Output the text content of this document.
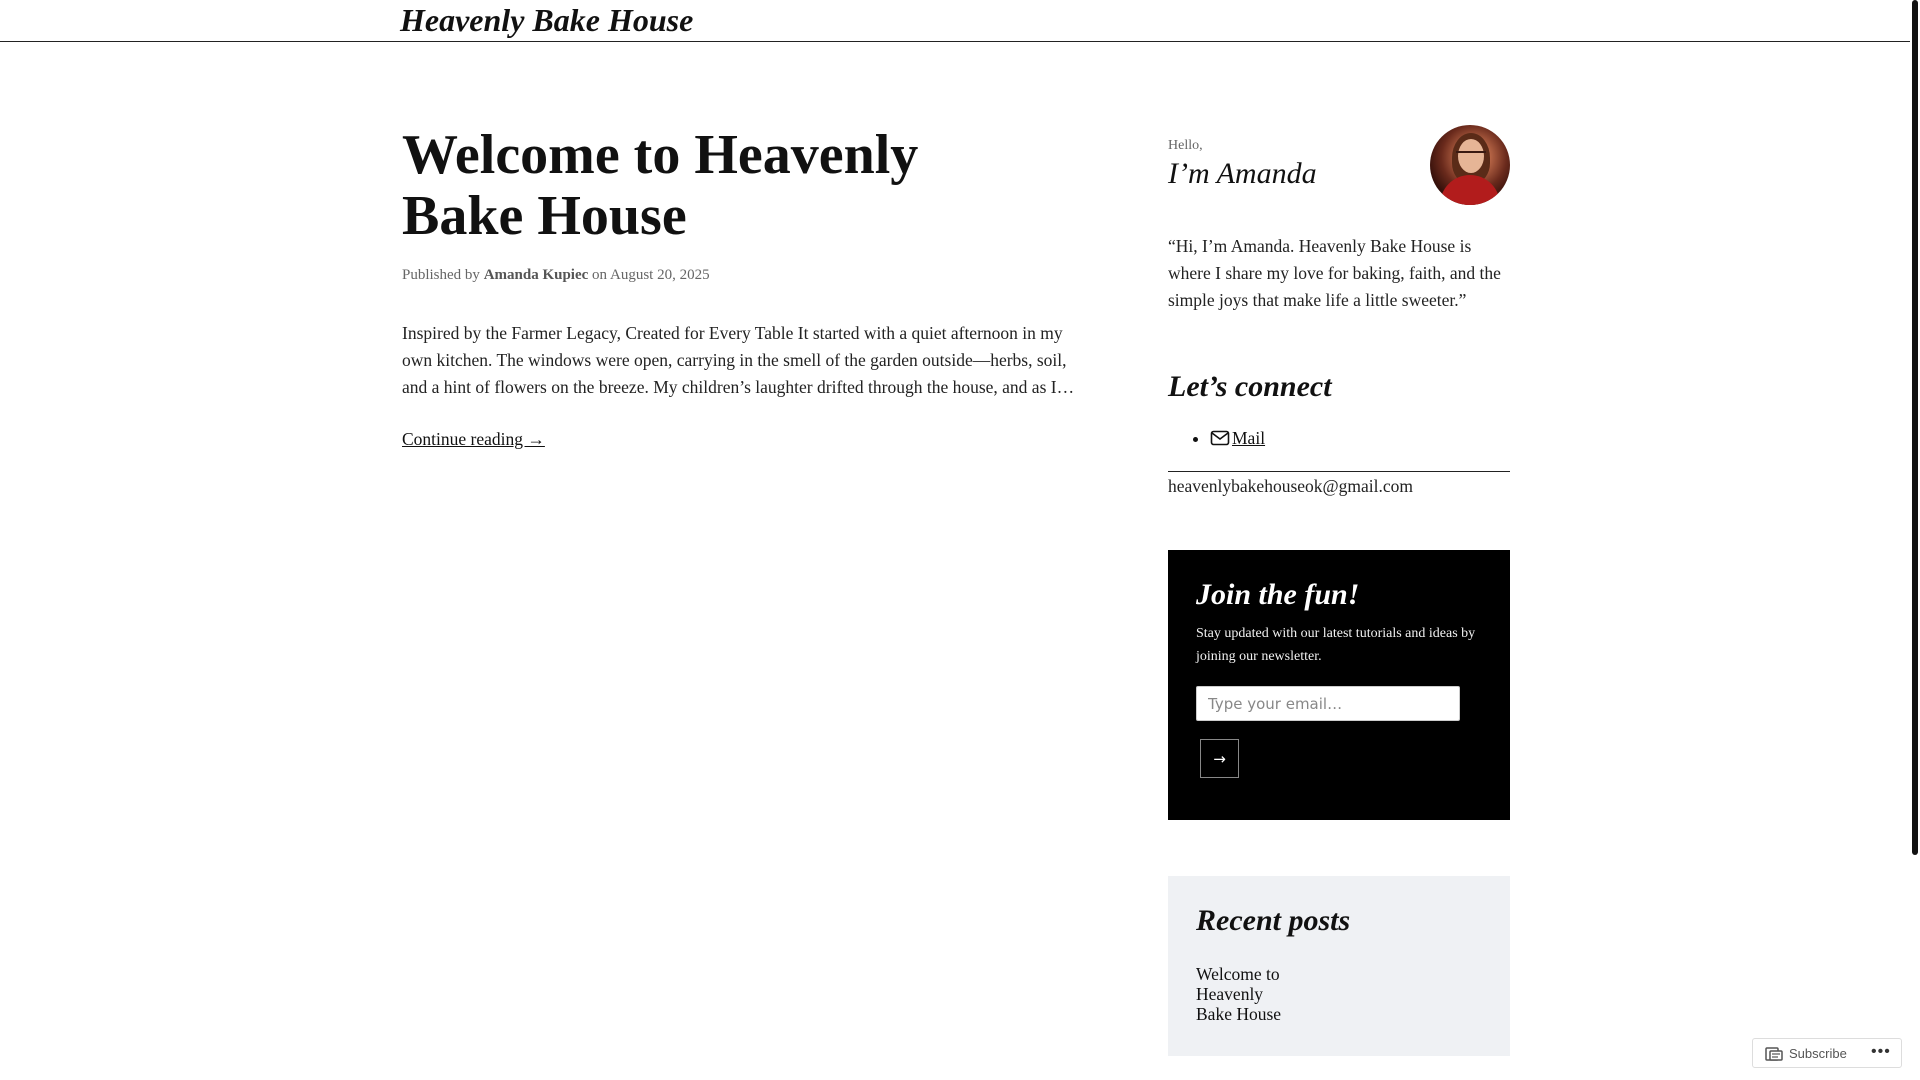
Heavenly Bake House
Welcome to Heavenly Bake House
Published by Amanda Kupiec on August 20, 2025

Inspired by the Farmer Legacy, Created for Every Table It started with a quiet afternoon in my own kitchen. The windows were open, carrying in the smell of the garden outside—herbs, soil, and a hint of flowers on the breeze. My children’s laughter drifted through the house, and as I…

Continue reading →
Hello,
I’m Amanda

“Hi, I’m Amanda. Heavenly Bake House is where I share my love for baking, faith, and the simple joys that make life a little sweeter.”

Let’s connect
• Mail

heavenlybakehouseok@gmail.com

Join the fun!

Stay updated with our latest tutorials and ideas by joining our newsletter.

Type your email…
→
Recent posts
Welcome to Heavenly Bake House
Subscribe •••
